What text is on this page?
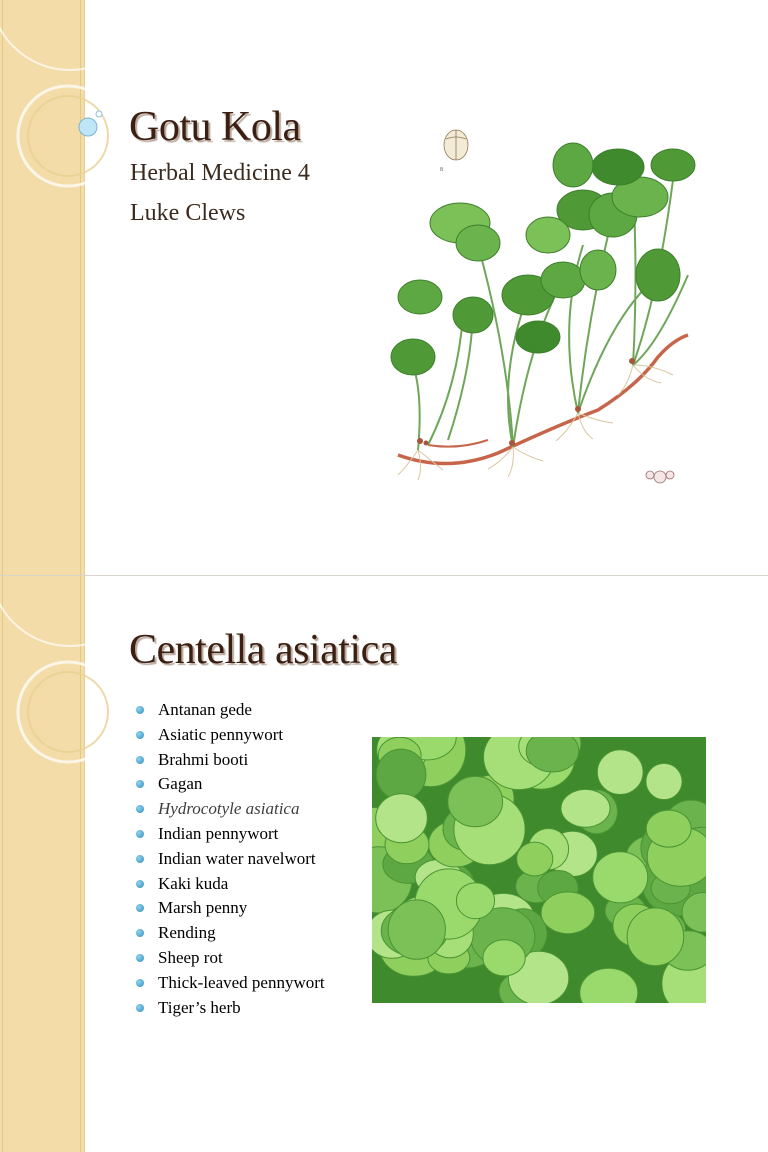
Gotu Kola
Herbal Medicine 4
Luke Clews
8
Centella asiatica
Antanan gede
Asiatic pennywort
Brahmi booti
Gagan
Hydrocotyle asiatica
Indian pennywort
Indian water navelwort
Kaki kuda
Marsh penny
Rending
Sheep rot
Thick-leaved pennywort
Tiger’s herb
